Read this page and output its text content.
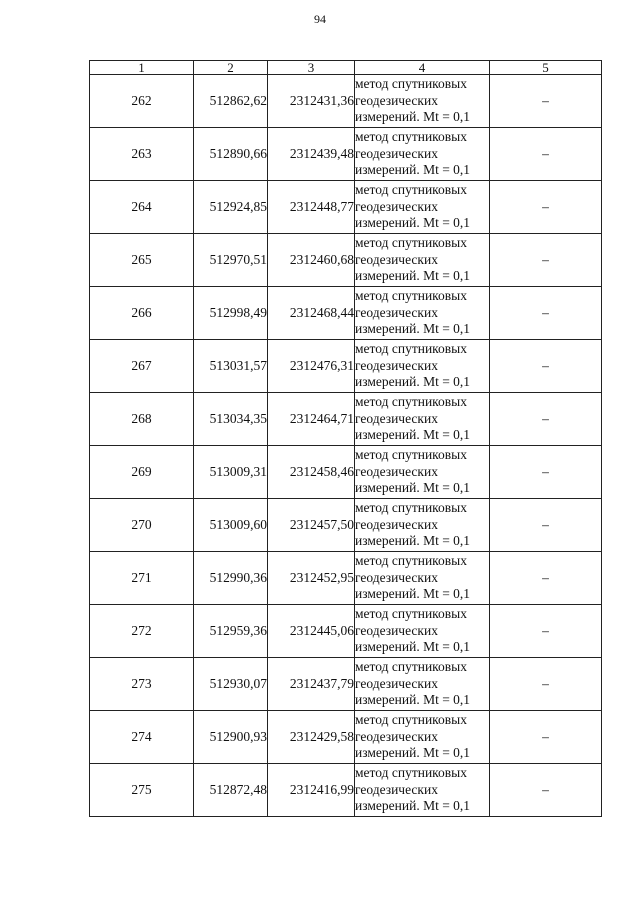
94
1	2	3	4	5
262	512862,62	2312431,36	метод спутниковых
геодезических
измерений. Mt = 0,1	–
263	512890,66	2312439,48	метод спутниковых
геодезических
измерений. Mt = 0,1	–
264	512924,85	2312448,77	метод спутниковых
геодезических
измерений. Mt = 0,1	–
265	512970,51	2312460,68	метод спутниковых
геодезических
измерений. Mt = 0,1	–
266	512998,49	2312468,44	метод спутниковых
геодезических
измерений. Mt = 0,1	–
267	513031,57	2312476,31	метод спутниковых
геодезических
измерений. Mt = 0,1	–
268	513034,35	2312464,71	метод спутниковых
геодезических
измерений. Mt = 0,1	–
269	513009,31	2312458,46	метод спутниковых
геодезических
измерений. Mt = 0,1	–
270	513009,60	2312457,50	метод спутниковых
геодезических
измерений. Mt = 0,1	–
271	512990,36	2312452,95	метод спутниковых
геодезических
измерений. Mt = 0,1	–
272	512959,36	2312445,06	метод спутниковых
геодезических
измерений. Mt = 0,1	–
273	512930,07	2312437,79	метод спутниковых
геодезических
измерений. Mt = 0,1	–
274	512900,93	2312429,58	метод спутниковых
геодезических
измерений. Mt = 0,1	–
275	512872,48	2312416,99	метод спутниковых
геодезических
измерений. Mt = 0,1	–
